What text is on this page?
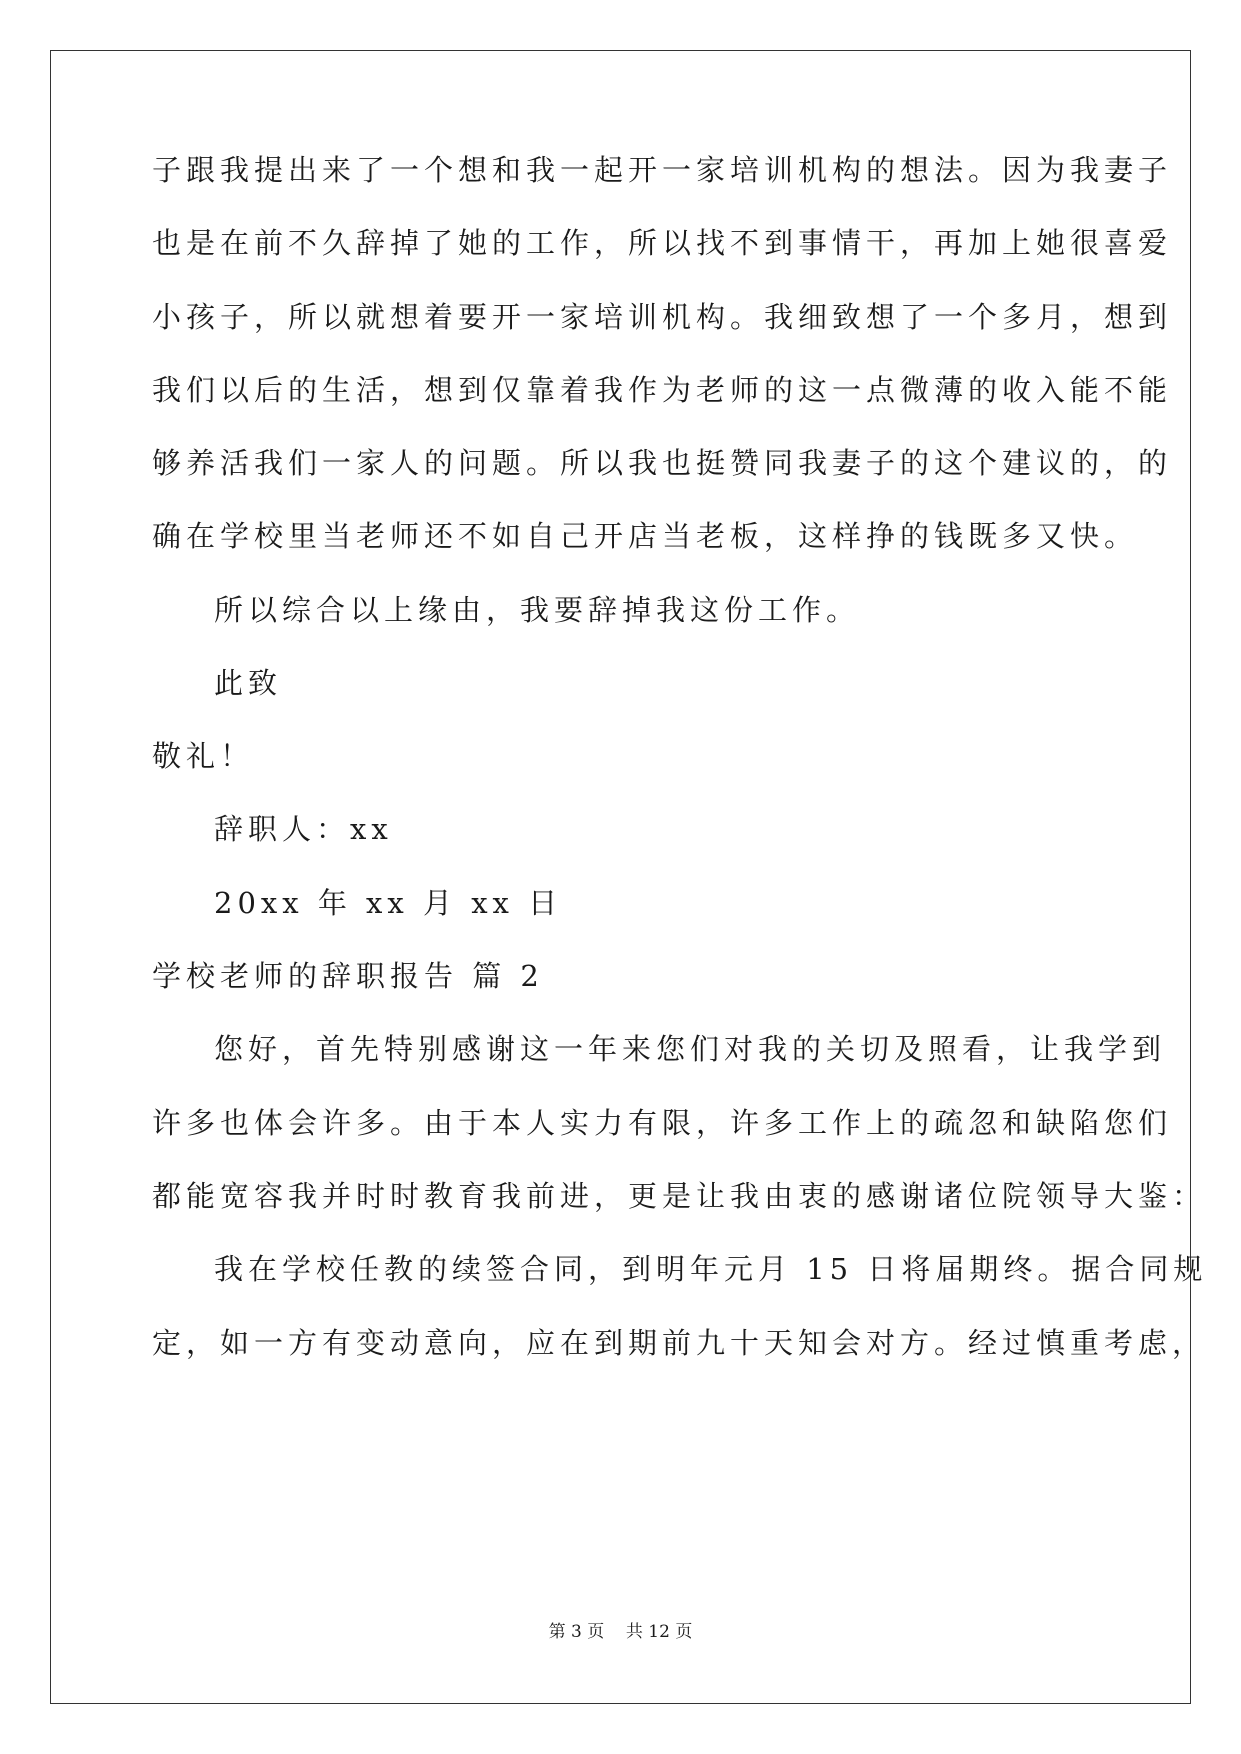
子跟我提出来了一个想和我一起开一家培训机构的想法。因为我妻子
也是在前不久辞掉了她的工作，所以找不到事情干，再加上她很喜爱
小孩子，所以就想着要开一家培训机构。我细致想了一个多月，想到
我们以后的生活，想到仅靠着我作为老师的这一点微薄的收入能不能
够养活我们一家人的问题。所以我也挺赞同我妻子的这个建议的，的
确在学校里当老师还不如自己开店当老板，这样挣的钱既多又快。
所以综合以上缘由，我要辞掉我这份工作。
此致
敬礼！
辞职人：xx
20xx 年 xx 月 xx 日
学校老师的辞职报告 篇 2
您好，首先特别感谢这一年来您们对我的关切及照看，让我学到
许多也体会许多。由于本人实力有限，许多工作上的疏忽和缺陷您们
都能宽容我并时时教育我前进，更是让我由衷的感谢诸位院领导大鉴：
我在学校任教的续签合同，到明年元月 15 日将届期终。据合同规
定，如一方有变动意向，应在到期前九十天知会对方。经过慎重考虑，
第 3 页    共 12 页
